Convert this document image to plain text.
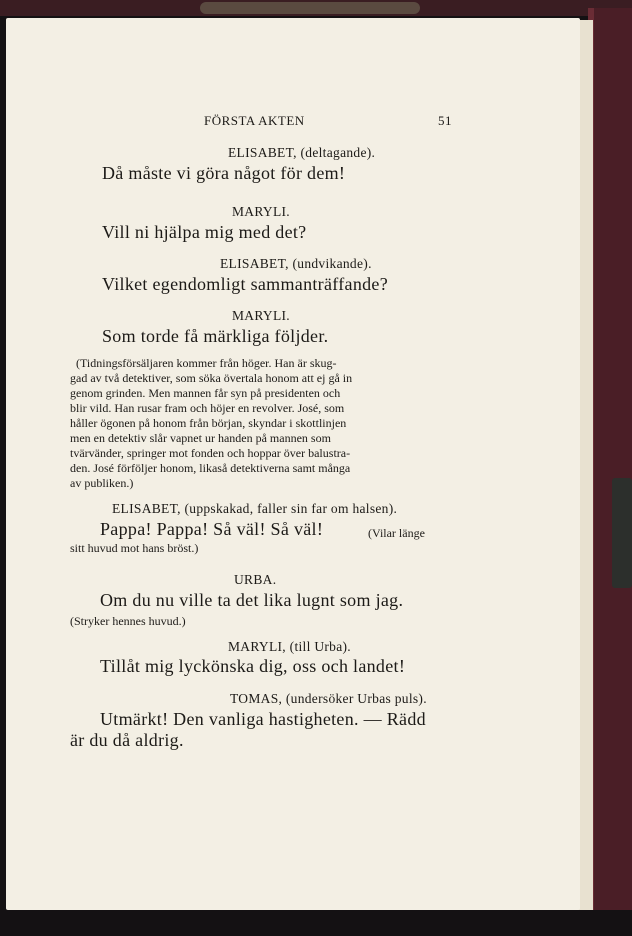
FÖRSTA AKTEN	51
ELISABET, (deltagande).
Då måste vi göra något för dem!
MARYLI.
Vill ni hjälpa mig med det?
ELISABET, (undvikande).
Vilket egendomligt sammanträffande?
MARYLI.
Som torde få märkliga följder.
(Tidningsförsäljaren kommer från höger. Han är skug-
gad av två detektiver, som söka övertala honom att ej gå in
genom grinden. Men mannen får syn på presidenten och
blir vild. Han rusar fram och höjer en revolver. José, som
håller ögonen på honom från början, skyndar i skottlinjen
men en detektiv slår vapnet ur handen på mannen som
tvärvänder, springer mot fonden och hoppar över balustra-
den. José förföljer honom, likaså detektiverna samt många
av publiken.)
ELISABET, (uppskakad, faller sin far om halsen).
Pappa! Pappa! Så väl! Så väl!	(Vilar länge
sitt huvud mot hans bröst.)
URBA.
Om du nu ville ta det lika lugnt som jag.
(Stryker hennes huvud.)
MARYLI, (till Urba).
Tillåt mig lyckönska dig, oss och landet!
TOMAS, (undersöker Urbas puls).
Utmärkt! Den vanliga hastigheten. — Rädd
är du då aldrig.
